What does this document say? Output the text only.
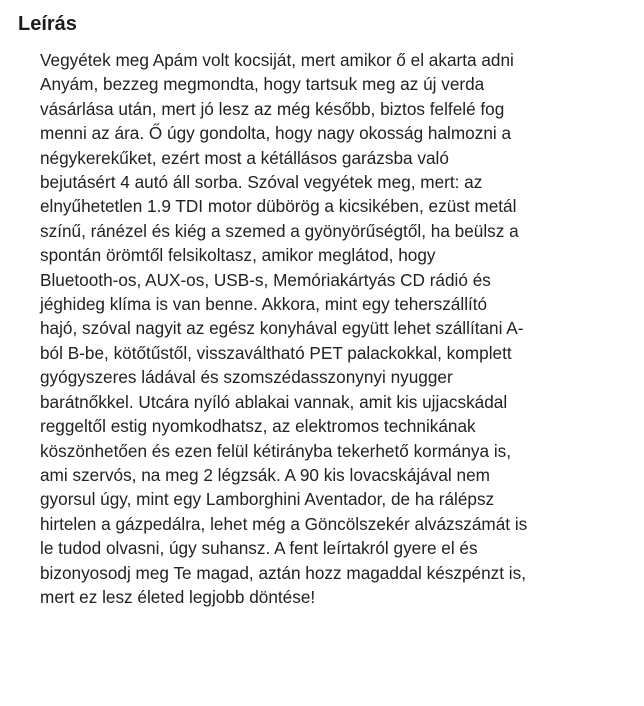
Leírás
Vegyétek meg Apám volt kocsiját, mert amikor ő el akarta adni
Anyám, bezzeg megmondta, hogy tartsuk meg az új verda
vásárlása után, mert jó lesz az még később, biztos felfelé fog
menni az ára. Ő úgy gondolta, hogy nagy okosság halmozni a
négykerekűket, ezért most a kétállásos garázsba való
bejutásért 4 autó áll sorba. Szóval vegyétek meg, mert: az
elnyűhetetlen 1.9 TDI motor dübörög a kicsikében, ezüst metál
színű, ránézel és kiég a szemed a gyönyörűségtől, ha beülsz a
spontán örömtől felsikoltasz, amikor meglátod, hogy
Bluetooth-os, AUX-os, USB-s, Memóriakártyás CD rádió és
jéghideg klíma is van benne. Akkora, mint egy teherszállító
hajó, szóval nagyit az egész konyhával együtt lehet szállítani A-
ból B-be, kötőtűstől, visszaváltható PET palackokkal, komplett
gyógyszeres ládával és szomszédasszonynyi nyugger
barátnőkkel. Utcára nyíló ablakai vannak, amit kis ujjacskádal
reggeltől estig nyomkodhatsz, az elektromos technikának
köszönhetően és ezen felül kétirányba tekerhető kormánya is,
ami szervós, na meg 2 légzsák. A 90 kis lovacskájával nem
gyorsul úgy, mint egy Lamborghini Aventador, de ha rálépsz
hirtelen a gázpedálra, lehet még a Göncölszekér alvázszámát is
le tudod olvasni, úgy suhansz. A fent leírtakról gyere el és
bizonyosodj meg Te magad, aztán hozz magaddal készpénzt is,
mert ez lesz életed legjobb döntése!
